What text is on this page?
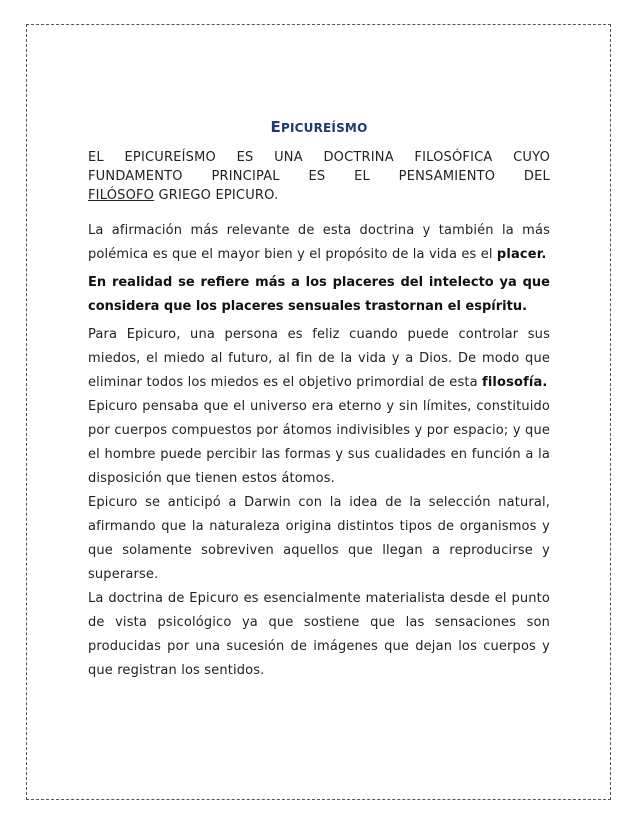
EPICUREÍSMO
EL EPICUREÍSMO ES UNA DOCTRINA FILOSÓFICA CUYO
FUNDAMENTO PRINCIPAL ES EL PENSAMIENTO DEL
FILÓSOFO GRIEGO EPICURO.

La afirmación más relevante de esta doctrina y también la más polémica es que el mayor bien y el propósito de la vida es el placer.

En realidad se refiere más a los placeres del intelecto ya que considera que los placeres sensuales trastornan el espíritu.

Para Epicuro, una persona es feliz cuando puede controlar sus miedos, el miedo al futuro, al fin de la vida y a Dios. De modo que eliminar todos los miedos es el objetivo primordial de esta filosofía.

Epicuro pensaba que el universo era eterno y sin límites, constituido por cuerpos compuestos por átomos indivisibles y por espacio; y que el hombre puede percibir las formas y sus cualidades en función a la disposición que tienen estos átomos.

Epicuro se anticipó a Darwin con la idea de la selección natural, afirmando que la naturaleza origina distintos tipos de organismos y que solamente sobreviven aquellos que llegan a reproducirse y superarse.

La doctrina de Epicuro es esencialmente materialista desde el punto de vista psicológico ya que sostiene que las sensaciones son producidas por una sucesión de imágenes que dejan los cuerpos y que registran los sentidos.
